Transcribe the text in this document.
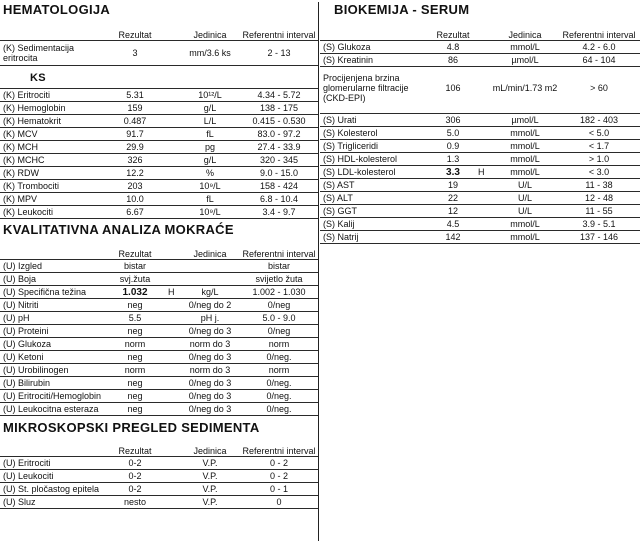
HEMATOLOGIJA
Rezultat	Jedinica	Referentni interval
(K) Sedimentacija eritrocita	3	mm/3.6 ks	2 - 13
KS
(K) Eritrociti	5.31	10¹²/L	4.34 - 5.72
(K) Hemoglobin	159	g/L	138 - 175
(K) Hematokrit	0.487	L/L	0.415 - 0.530
(K) MCV	91.7	fL	83.0 - 97.2
(K) MCH	29.9	pg	27.4 - 33.9
(K) MCHC	326	g/L	320 - 345
(K) RDW	12.2	%	9.0 - 15.0
(K) Trombociti	203	10⁹/L	158 - 424
(K) MPV	10.0	fL	6.8 - 10.4
(K) Leukociti	6.67	10⁹/L	3.4 - 9.7
KVALITATIVNA ANALIZA MOKRAĆE
Rezultat	Jedinica	Referentni interval
(U) Izgled	bistar	bistar
(U) Boja	svj.žuta	svijetlo žuta
(U) Specifična težina	1.032	H	kg/L	1.002 - 1.030
(U) Nitriti	neg	0/neg do 2	0/neg
(U) pH	5.5	pH j.	5.0 - 9.0
(U) Proteini	neg	0/neg do 3	0/neg
(U) Glukoza	norm	norm do 3	norm
(U) Ketoni	neg	0/neg do 3	0/neg.
(U) Urobilinogen	norm	norm do 3	norm
(U) Bilirubin	neg	0/neg do 3	0/neg.
(U) Eritrociti/Hemoglobin	neg	0/neg do 3	0/neg.
(U) Leukocitna esteraza	neg	0/neg do 3	0/neg.
MIKROSKOPSKI PREGLED SEDIMENTA
Rezultat	Jedinica	Referentni interval
(U) Eritrociti	0-2	V.P.	0 - 2
(U) Leukociti	0-2	V.P.	0 - 2
(U) St. pločastog epitela	0-2	V.P.	0 - 1
(U) Sluz	nesto	V.P.	0
BIOKEMIJA - SERUM
Rezultat	Jedinica	Referentni interval
(S) Glukoza	4.8	mmol/L	4.2 - 6.0
(S) Kreatinin	86	µmol/L	64 - 104
Procijenjena brzina glomerularne filtracije (CKD-EPI)
106	mL/min/1.73 m2	> 60
(S) Urati	306	µmol/L	182 - 403
(S) Kolesterol	5.0	mmol/L	< 5.0
(S) Trigliceridi	0.9	mmol/L	< 1.7
(S) HDL-kolesterol	1.3	mmol/L	> 1.0
(S) LDL-kolesterol	3.3	H	mmol/L	< 3.0
(S) AST	19	U/L	11 - 38
(S) ALT	22	U/L	12 - 48
(S) GGT	12	U/L	11 - 55
(S) Kalij	4.5	mmol/L	3.9 - 5.1
(S) Natrij	142	mmol/L	137 - 146
